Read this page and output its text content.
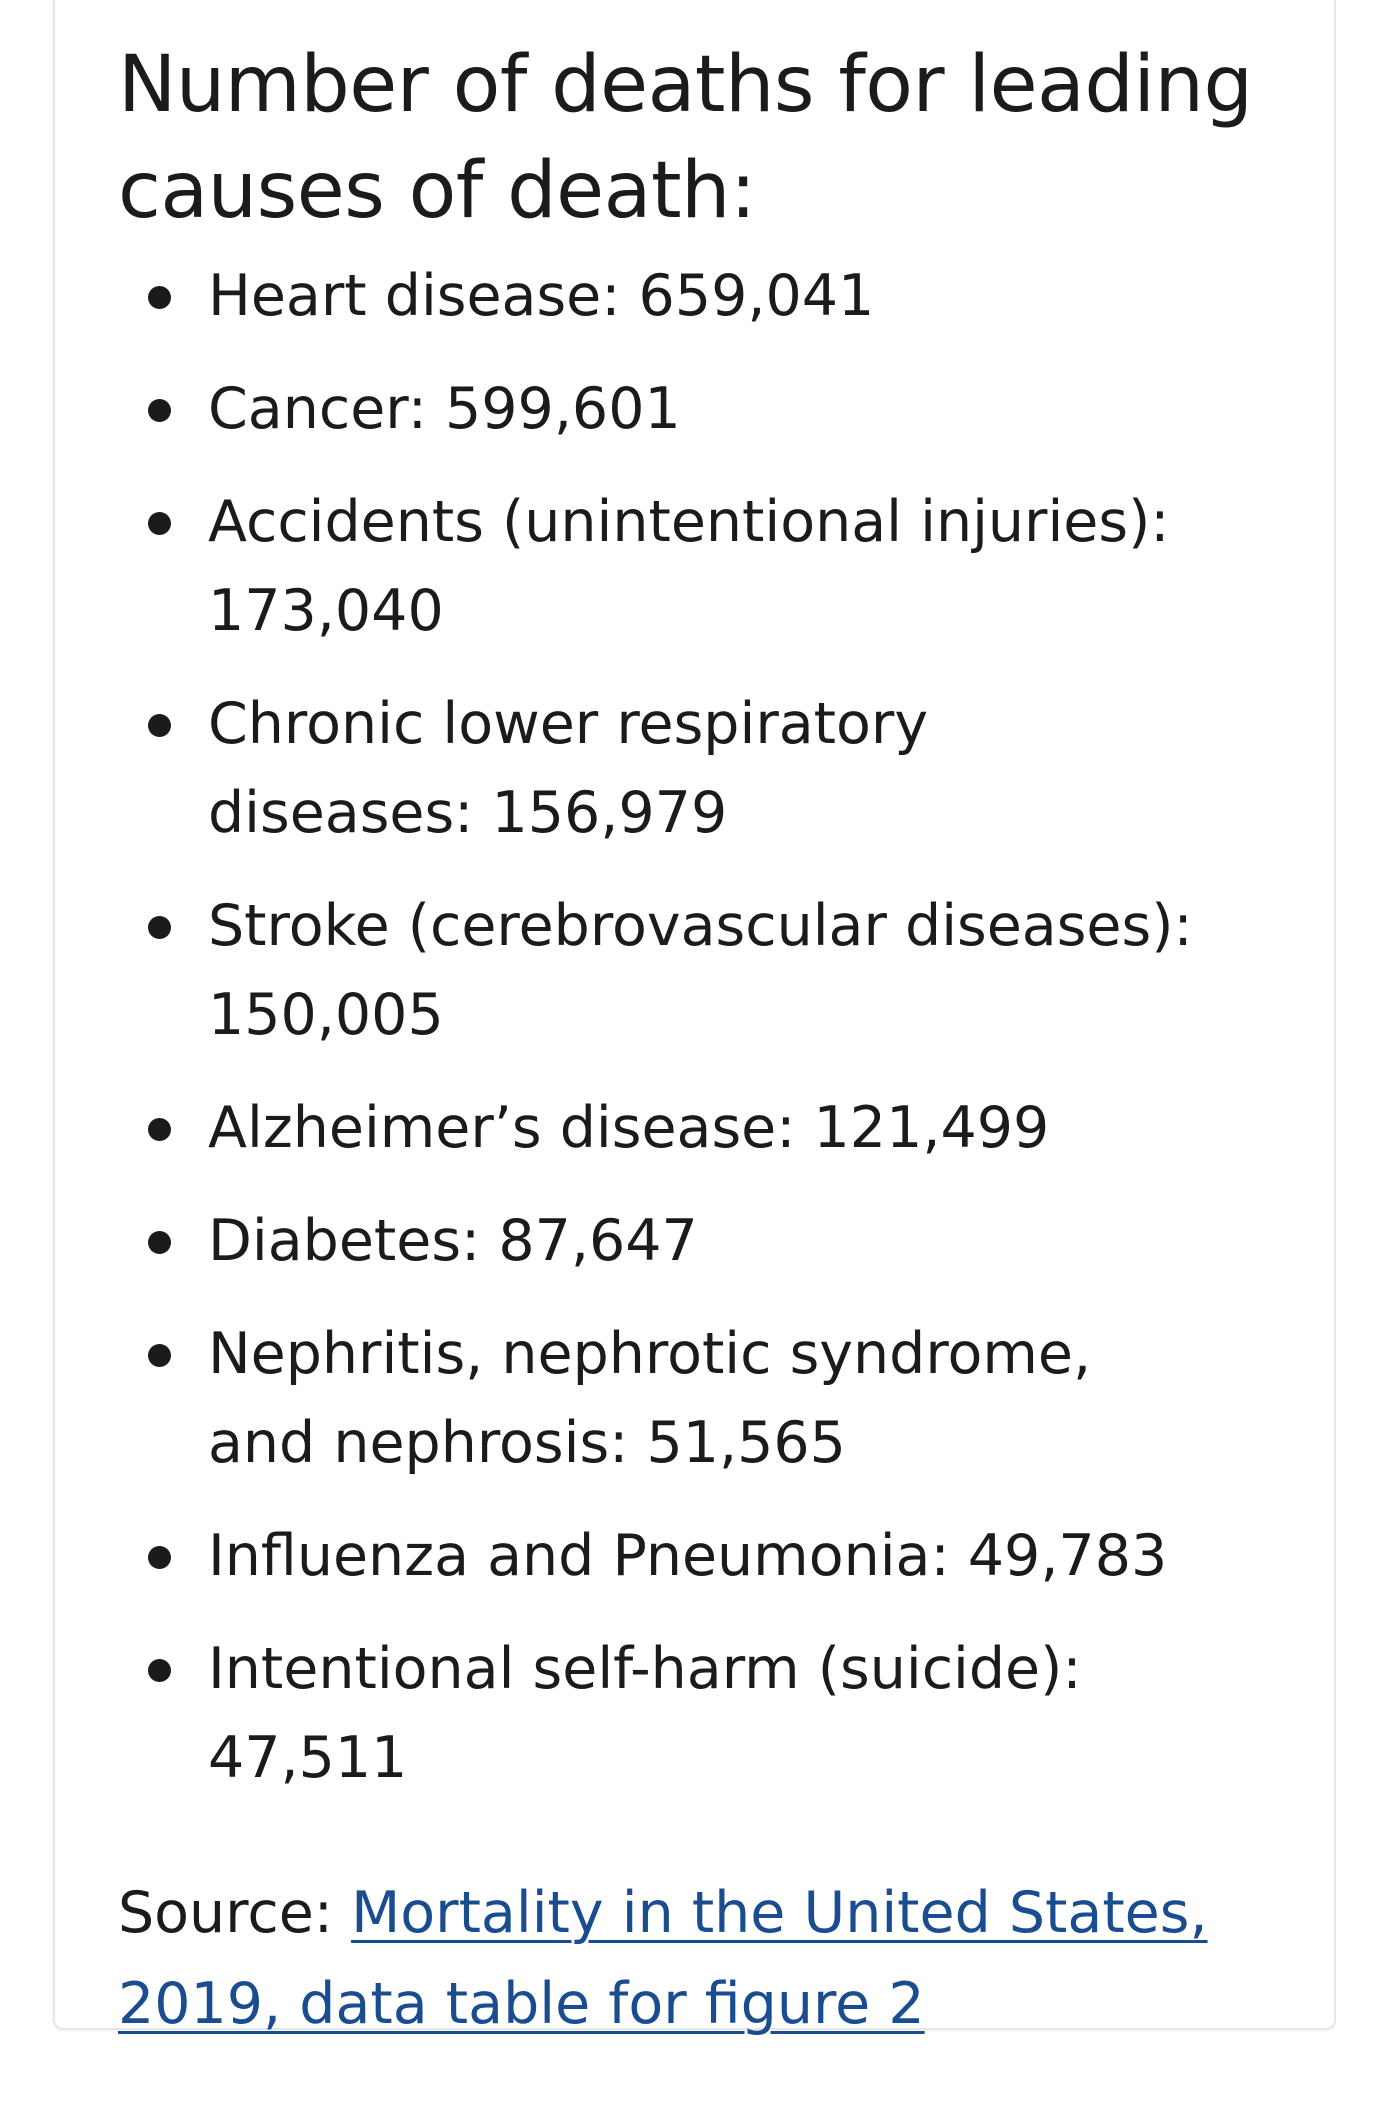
Number of deaths for leading causes of death:
Heart disease: 659,041
Cancer: 599,601
Accidents (unintentional injuries): 173,040
Chronic lower respiratory diseases: 156,979
Stroke (cerebrovascular diseases): 150,005
Alzheimer’s disease: 121,499
Diabetes: 87,647
Nephritis, nephrotic syndrome, and nephrosis: 51,565
Influenza and Pneumonia: 49,783
Intentional self-harm (suicide): 47,511

Source: Mortality in the United States, 2019, data table for figure 2
